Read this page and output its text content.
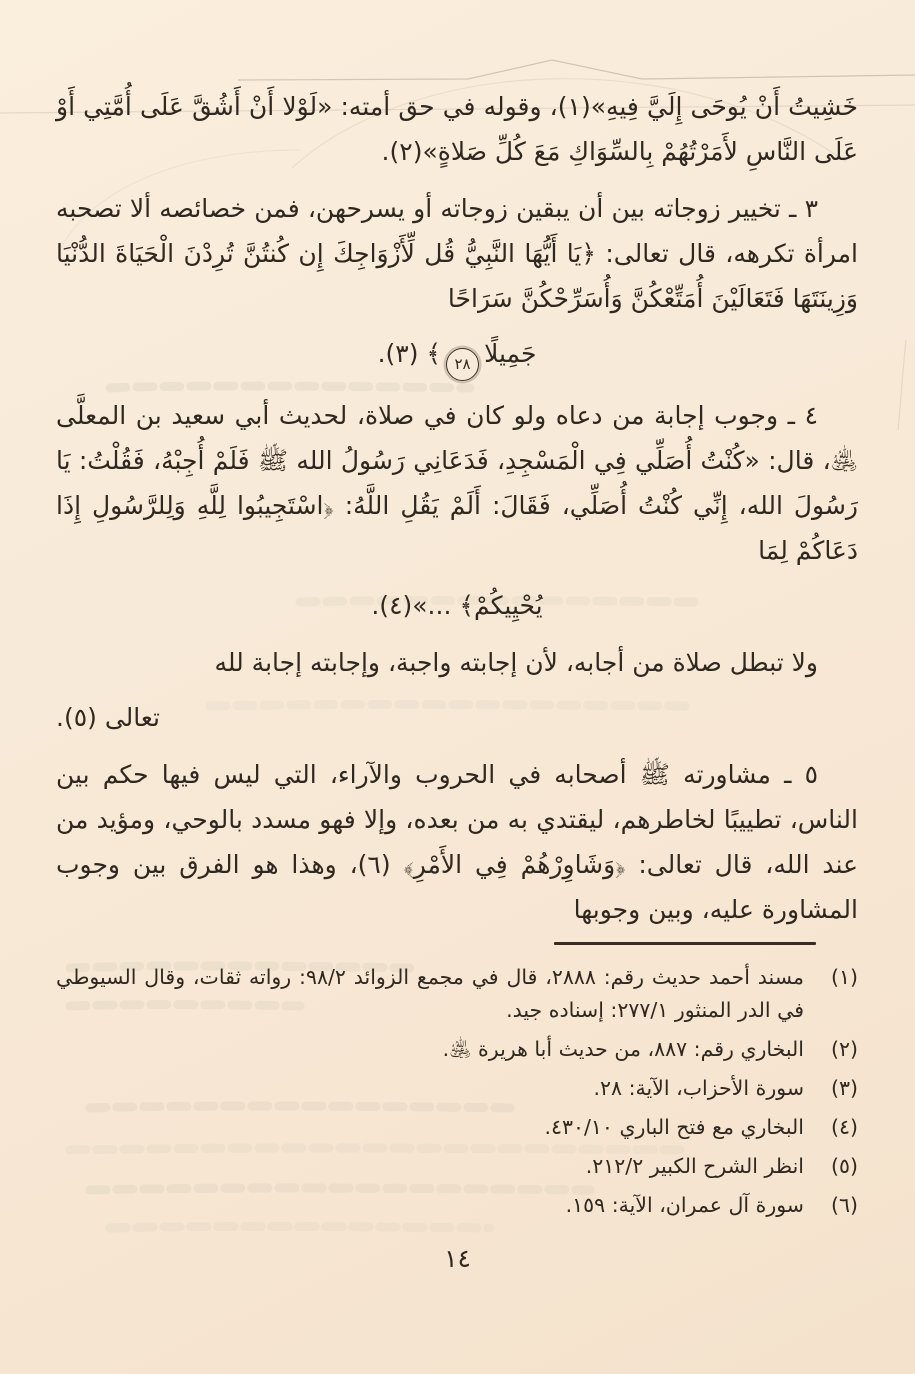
خَشِيتُ أَنْ يُوحَى إِلَيَّ فِيهِ»(١)، وقوله في حق أمته: «لَوْلا أَنْ أَشُقَّ عَلَى أُمَّتِي أَوْ عَلَى النَّاسِ لأَمَرْتُهُمْ بِالسِّوَاكِ مَعَ كُلِّ صَلاةٍ»(٢).
٣ ـ تخيير زوجاته بين أن يبقين زوجاته أو يسرحهن، فمن خصائصه ألا تصحبه امرأة تكرهه، قال تعالى: ﴿يَا أَيُّهَا النَّبِيُّ قُل لِّأَزْوَاجِكَ إِن كُنتُنَّ تُرِدْنَ الْحَيَاةَ الدُّنْيَا وَزِينَتَهَا فَتَعَالَيْنَ أُمَتِّعْكُنَّ وَأُسَرِّحْكُنَّ سَرَاحًا
جَمِيلًا٢٨﴾ (٣).
٤ ـ وجوب إجابة من دعاه ولو كان في صلاة، لحديث أبي سعيد بن المعلَّى ﵁، قال: «كُنْتُ أُصَلِّي فِي الْمَسْجِدِ، فَدَعَانِي رَسُولُ الله ﷺ فَلَمْ أُجِبْهُ، فَقُلْتُ: يَا رَسُولَ الله، إِنِّي كُنْتُ أُصَلِّي، فَقَالَ: أَلَمْ يَقُلِ اللَّهُ: ﴿اسْتَجِيبُوا لِلَّهِ وَلِلرَّسُولِ إِذَا دَعَاكُمْ لِمَا
يُحْيِيكُمْ﴾ ...»(٤).
ولا تبطل صلاة من أجابه، لأن إجابته واجبة، وإجابته إجابة لله
تعالى (٥).
٥ ـ مشاورته ﷺ أصحابه في الحروب والآراء، التي ليس فيها حكم بين الناس، تطييبًا لخاطرهم، ليقتدي به من بعده، وإلا فهو مسدد بالوحي، ومؤيد من عند الله، قال تعالى: ﴿وَشَاوِرْهُمْ فِي الأَمْرِ﴾ (٦)، وهذا هو الفرق بين وجوب المشاورة عليه، وبين وجوبها
(١)
مسند أحمد حديث رقم: ٢٨٨٨، قال في مجمع الزوائد ٩٨/٢: رواته ثقات، وقال السيوطي في الدر المنثور ٢٧٧/١: إسناده جيد.
(٢)
البخاري رقم: ٨٨٧، من حديث أبا هريرة ﵁.
(٣)
سورة الأحزاب، الآية: ٢٨.
(٤)
البخاري مع فتح الباري ٤٣٠/١٠.
(٥)
انظر الشرح الكبير ٢١٢/٢.
(٦)
سورة آل عمران، الآية: ١٥٩.
١٤
